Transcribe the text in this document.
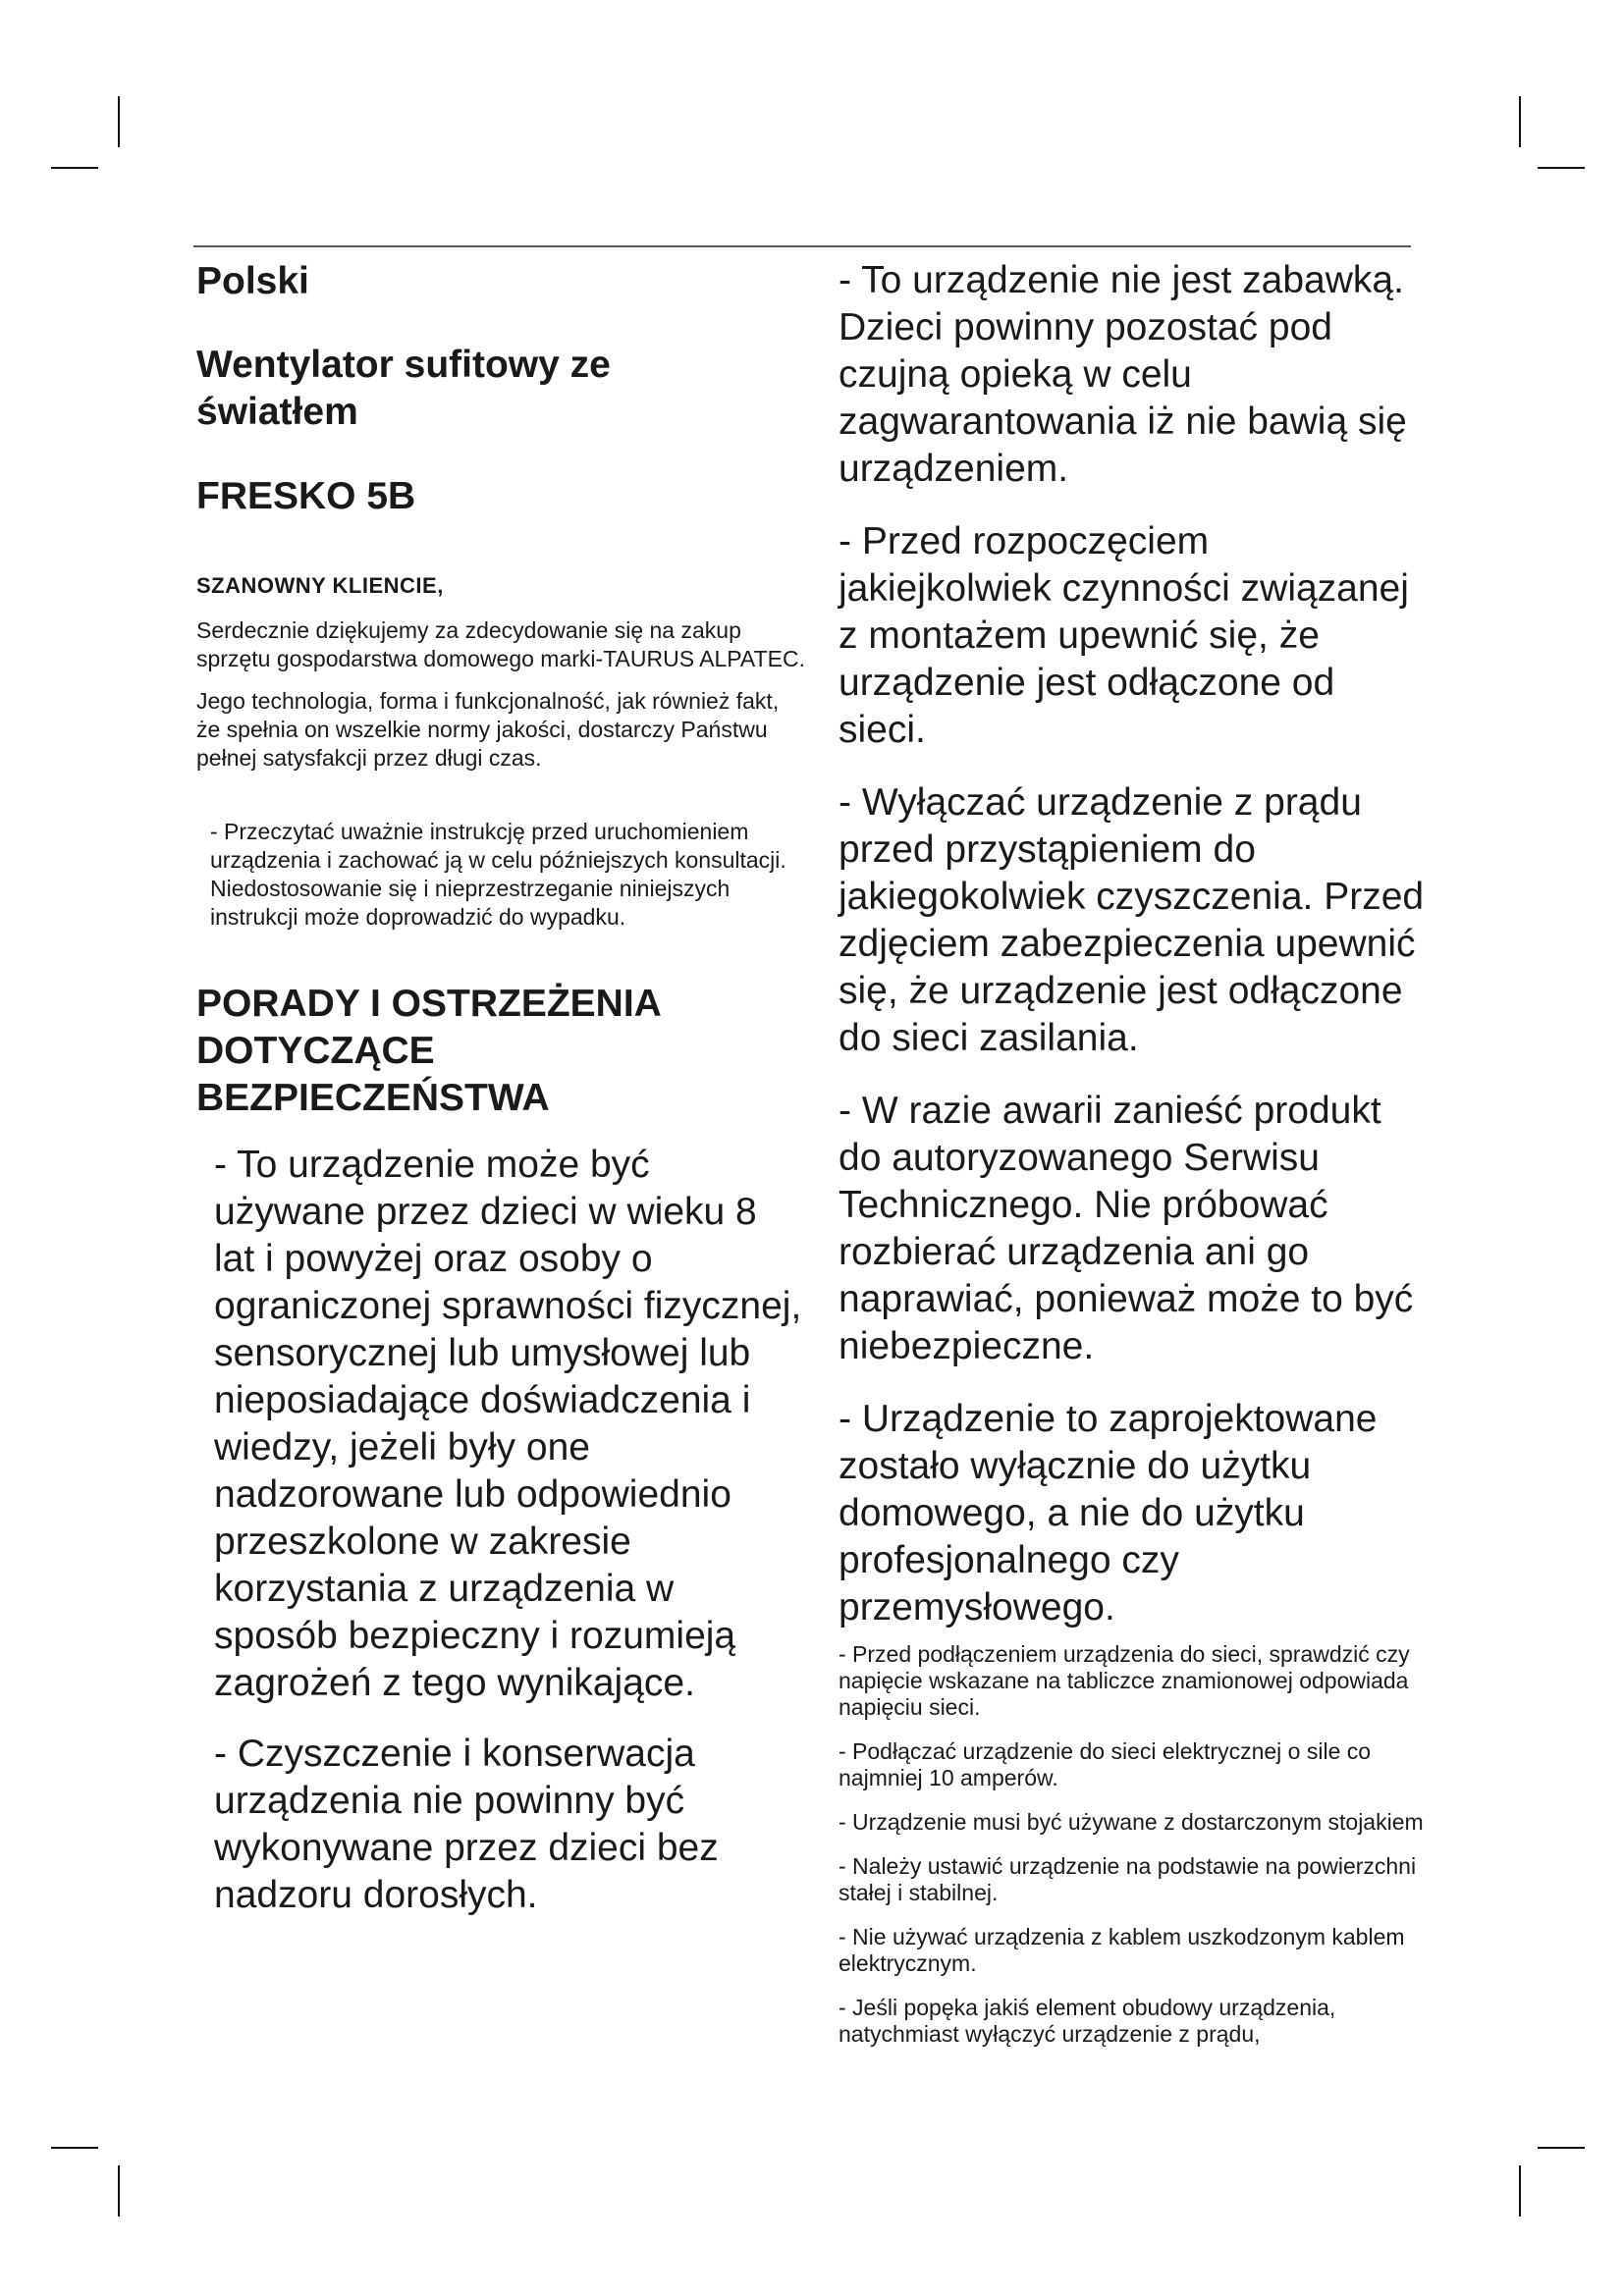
Polski

Wentylator sufitowy ze
światłem

FRESKO 5B

SZANOWNY KLIENCIE,

Serdecznie dziękujemy za zdecydowanie się na zakup sprzętu gospodarstwa domowego marki-TAURUS ALPATEC.

Jego technologia, forma i funkcjonalność, jak również fakt, że spełnia on wszelkie normy jakości, dostarczy Państwu pełnej satysfakcji przez długi czas.

- Przeczytać uważnie instrukcję przed uruchomieniem urządzenia i zachować ją w celu późniejszych konsultacji. Niedostosowanie się i nieprzestrzeganie niniejszych instrukcji może doprowadzić do wypadku.

PORADY I OSTRZEŻENIA
DOTYCZĄCE
BEZPIECZEŃSTWA

- To urządzenie może być używane przez dzieci w wieku 8 lat i powyżej oraz osoby o ograniczonej sprawności fizycznej, sensorycznej lub umysłowej lub nieposiadające doświadczenia i wiedzy, jeżeli były one nadzorowane lub odpowiednio przeszkolone w zakresie korzystania z urządzenia w sposób bezpieczny i rozumieją zagrożeń z tego wynikające.

- Czyszczenie i konserwacja urządzenia nie powinny być wykonywane przez dzieci bez nadzoru dorosłych.

- To urządzenie nie jest zabawką. Dzieci powinny pozostać pod czujną opieką w celu zagwarantowania iż nie bawią się urządzeniem.

- Przed rozpoczęciem jakiejkolwiek czynności związanej z montażem upewnić się, że urządzenie jest odłączone od sieci.

- Wyłączać urządzenie z prądu przed przystąpieniem do jakiegokolwiek czyszczenia. Przed zdjęciem zabezpieczenia upewnić się, że urządzenie jest odłączone do sieci zasilania.

- W razie awarii zanieść produkt do autoryzowanego Serwisu Technicznego. Nie próbować rozbierać urządzenia ani go naprawiać, ponieważ może to być niebezpieczne.

- Urządzenie to zaprojektowane zostało wyłącznie do użytku domowego, a nie do użytku profesjonalnego czy przemysłowego.

- Przed podłączeniem urządzenia do sieci, sprawdzić czy napięcie wskazane na tabliczce znamionowej odpowiada napięciu sieci.

- Podłączać urządzenie do sieci elektrycznej o sile co najmniej 10 amperów.

- Urządzenie musi być używane z dostarczonym stojakiem

- Należy ustawić urządzenie na podstawie na powierzchni stałej i stabilnej.

- Nie używać urządzenia z kablem uszkodzonym kablem elektrycznym.

- Jeśli popęka jakiś element obudowy urządzenia, natychmiast wyłączyć urządzenie z prądu,
